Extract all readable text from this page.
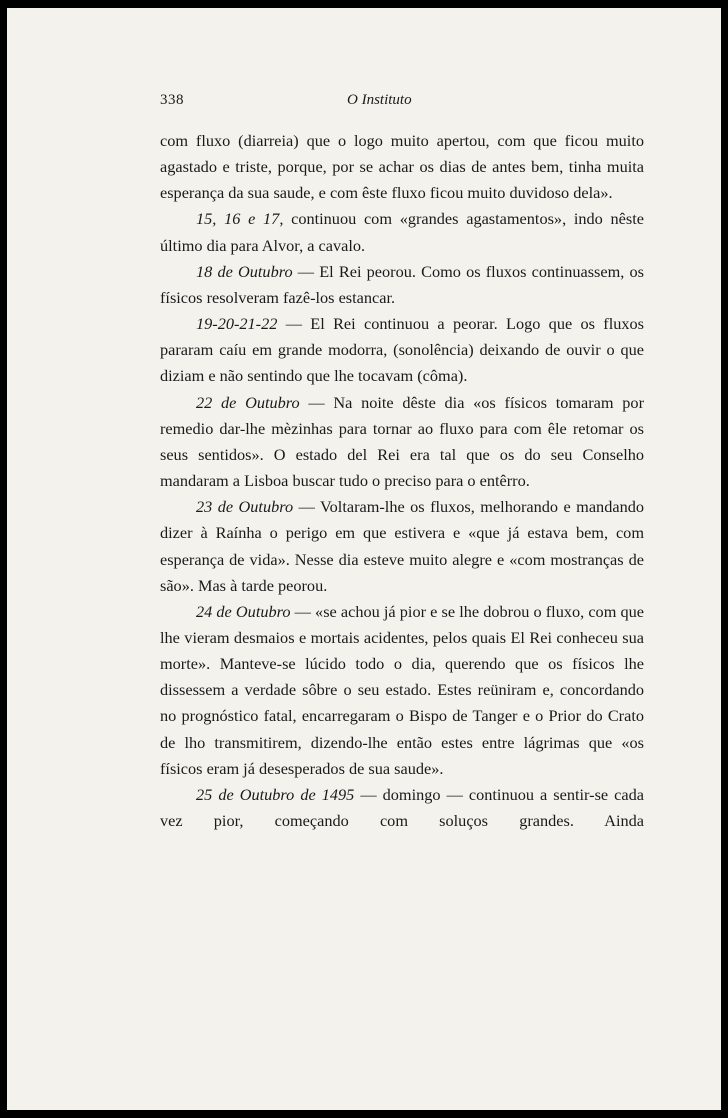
338	O Instituto

com fluxo (diarreia) que o logo muito apertou, com que ficou muito agastado e triste, porque, por se achar os dias de antes bem, tinha muita esperança da sua saude, e com êste fluxo ficou muito duvidoso dela».

15, 16 e 17, continuou com «grandes agastamentos», indo nêste último dia para Alvor, a cavalo.

18 de Outubro — El Rei peorou. Como os fluxos continuassem, os físicos resolveram fazê-los estancar.

19-20-21-22 — El Rei continuou a peorar. Logo que os fluxos pararam caíu em grande modorra, (sonolência) deixando de ouvir o que diziam e não sentindo que lhe tocavam (côma).

22 de Outubro — Na noite dêste dia «os físicos tomaram por remedio dar-lhe mèzinhas para tornar ao fluxo para com êle retomar os seus sentidos». O estado del Rei era tal que os do seu Conselho mandaram a Lisboa buscar tudo o preciso para o entêrro.

23 de Outubro — Voltaram-lhe os fluxos, melhorando e mandando dizer à Raínha o perigo em que estivera e «que já estava bem, com esperança de vida». Nesse dia esteve muito alegre e «com mostranças de são». Mas à tarde peorou.

24 de Outubro — «se achou já pior e se lhe dobrou o fluxo, com que lhe vieram desmaios e mortais acidentes, pelos quais El Rei conheceu sua morte». Manteve-se lúcido todo o dia, querendo que os físicos lhe dissessem a verdade sôbre o seu estado. Estes reüniram e, concordando no prognóstico fatal, encarregaram o Bispo de Tanger e o Prior do Crato de lho transmitirem, dizendo-lhe então estes entre lágrimas que «os físicos eram já desesperados de sua saude».

25 de Outubro de 1495 — domingo — continuou a sentir-se cada vez pior, começando com soluços grandes. Ainda
